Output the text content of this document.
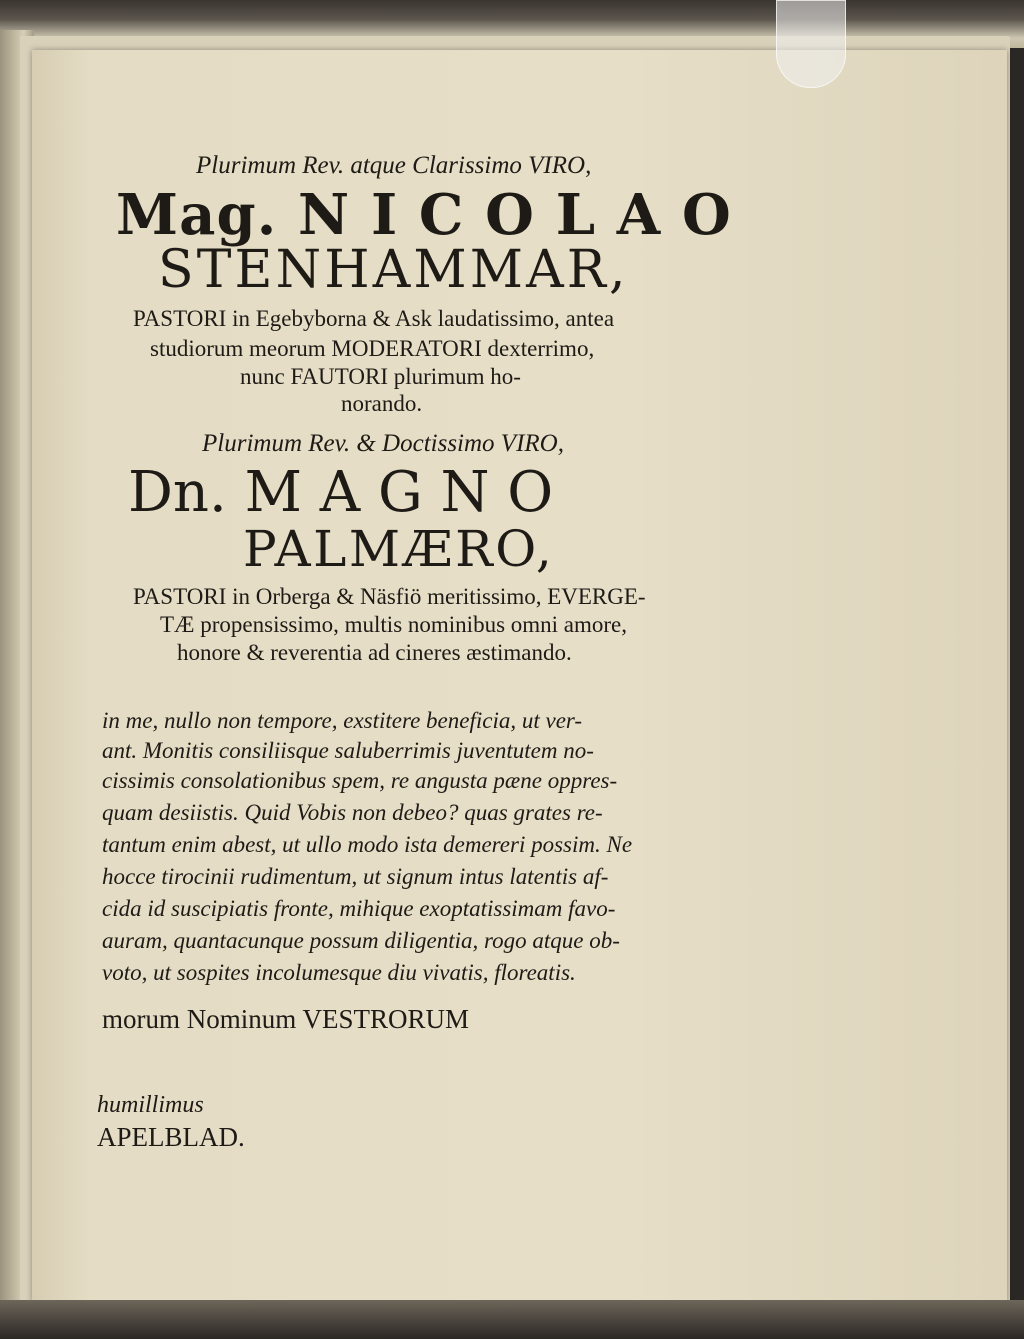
Plurimum Rev. atque Clarissimo VIRO,
Mag. N I C O L A O
STENHAMMAR,
PASTORI in Egebyborna & Ask laudatissimo, antea
studiorum meorum MODERATORI dexterrimo,
nunc FAUTORI plurimum ho-
norando.
Plurimum Rev. & Doctissimo VIRO,
Dn. M A G N O
PALMÆRO,
PASTORI in Orberga & Näsfiö meritissimo, EVERGE-
TÆ propensissimo, multis nominibus omni amore,
honore & reverentia ad cineres æstimando.
in me, nullo non tempore, exstitere beneficia, ut ver-
ant. Monitis consiliisque saluberrimis juventutem no-
cissimis consolationibus spem, re angusta pæne oppres-
quam desiistis. Quid Vobis non debeo? quas grates re-
tantum enim abest, ut ullo modo ista demereri possim. Ne
hocce tirocinii rudimentum, ut signum intus latentis af-
cida id suscipiatis fronte, mihique exoptatissimam favo-
auram, quantacunque possum diligentia, rogo atque ob-
voto, ut sospites incolumesque diu vivatis, floreatis.
morum Nominum VESTRORUM
humillimus
APELBLAD.
